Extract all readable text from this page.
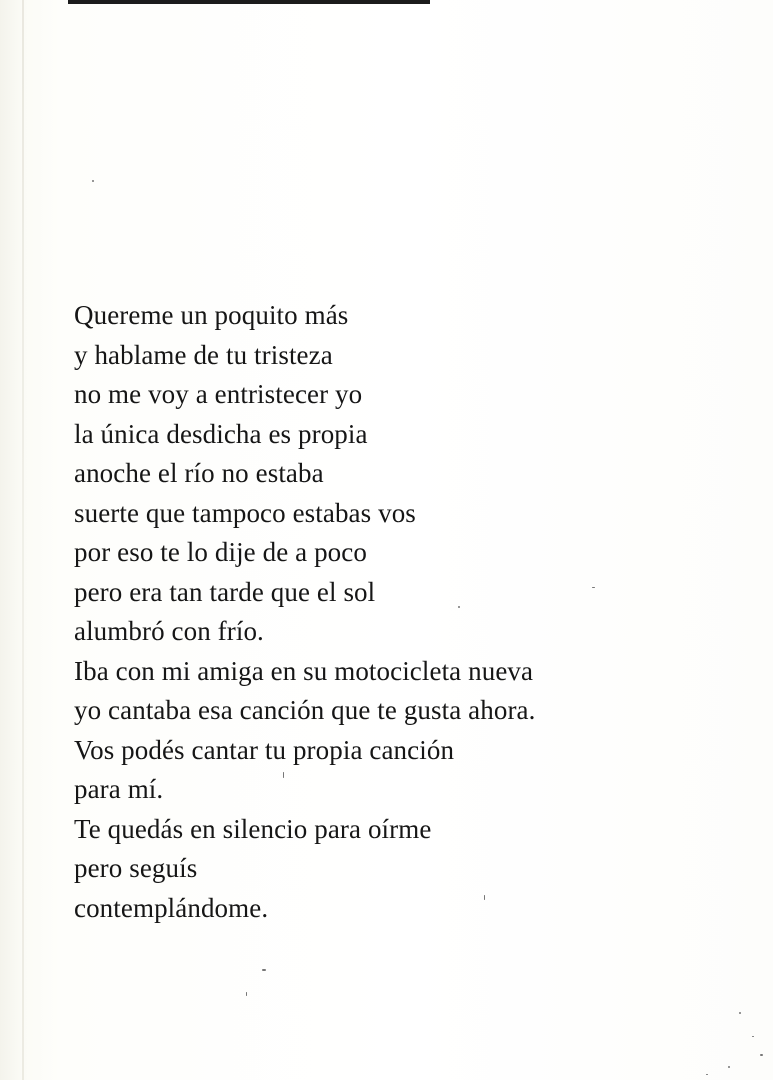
Quereme un poquito más
y hablame de tu tristeza
no me voy a entristecer yo
la única desdicha es propia
anoche el río no estaba
suerte que tampoco estabas vos
por eso te lo dije de a poco
pero era tan tarde que el sol
alumbró con frío.
Iba con mi amiga en su motocicleta nueva
yo cantaba esa canción que te gusta ahora.
Vos podés cantar tu propia canción
para mí.
Te quedás en silencio para oírme
pero seguís
contemplándome.
